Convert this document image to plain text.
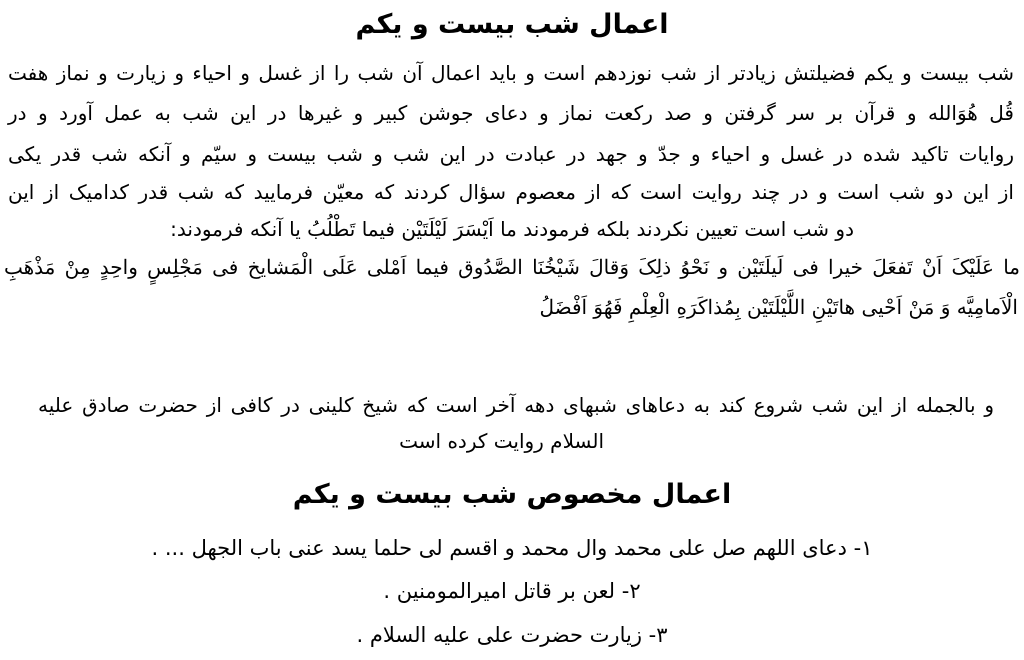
اعمال شب بیست و یکم
شب بیست و یکم فضیلتش زیادتر از شب نوزدهم است و باید اعمال آن شب را از غسل و احیاء و زیارت و نماز هفت
قُل هُوَالله و قرآن بر سر گرفتن و صد رکعت نماز و دعای جوشن کبیر و غیرها در این شب به عمل آورد و در
روایات تاکید شده در غسل و احیاء و جدّ و جهد در عبادت در این شب و شب بیست و سیّم و آنکه شب قدر یکی
از این دو شب است و در چند روایت است که از معصوم سؤال کردند که معیّن فرمایید که شب قدر کدامیک از این
دو شب است تعیین نکردند بلکه فرمودند ما اَیْسَرَ لَیْلَتَیْن فیما تَطْلُبُ یا آنکه فرمودند:
ما عَلَیْکَ اَنْ تَفعَلَ خیرا فی لَیلَتَیْن و نَحْوُ ذلِکَ وَقالَ شَیْخُنَا الصَّدُوق فیما اَمْلی عَلَی الْمَشایخ فی مَجْلِسٍ واحِدٍ مِنْ مَذْهَبِ
الْاَمامِیَّه وَ مَنْ اَحْیی هاتَیْنِ اللَّیْلَتَیْن بِمُذاکَرَهِ الْعِلْمِ فَهُوَ اَفْضَلُ
و بالجمله از این شب شروع کند به دعاهای شبهای دهه آخر است که شیخ کلینی در کافی از حضرت صادق علیه
السلام روایت کرده است
اعمال مخصوص شب بیست و یکم
۱- دعای اللهم صل علی محمد وال محمد و اقسم لی حلما یسد عنی باب الجهل ... .
۲- لعن بر قاتل امیرالمومنین .
۳- زیارت حضرت علی علیه السلام .
